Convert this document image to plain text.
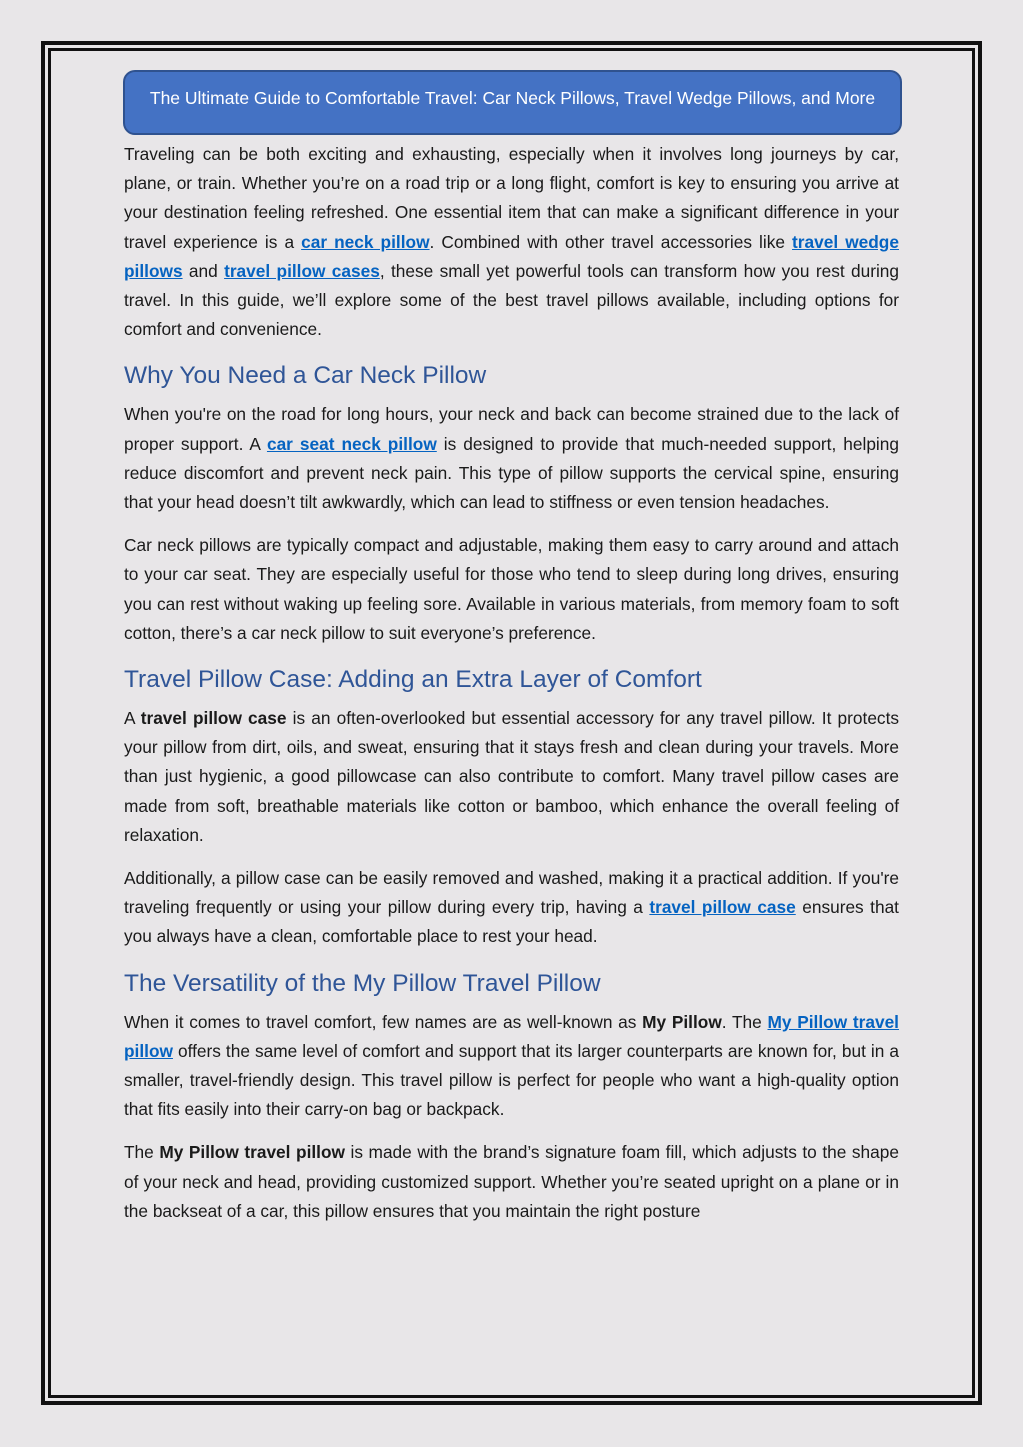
The Ultimate Guide to Comfortable Travel: Car Neck Pillows, Travel Wedge Pillows, and More

Traveling can be both exciting and exhausting, especially when it involves long journeys by car, plane, or train. Whether you’re on a road trip or a long flight, comfort is key to ensuring you arrive at your destination feeling refreshed. One essential item that can make a significant difference in your travel experience is a car neck pillow. Combined with other travel accessories like travel wedge pillows and travel pillow cases, these small yet powerful tools can transform how you rest during travel. In this guide, we’ll explore some of the best travel pillows available, including options for comfort and convenience.

Why You Need a Car Neck Pillow

When you're on the road for long hours, your neck and back can become strained due to the lack of proper support. A car seat neck pillow is designed to provide that much-needed support, helping reduce discomfort and prevent neck pain. This type of pillow supports the cervical spine, ensuring that your head doesn’t tilt awkwardly, which can lead to stiffness or even tension headaches.

Car neck pillows are typically compact and adjustable, making them easy to carry around and attach to your car seat. They are especially useful for those who tend to sleep during long drives, ensuring you can rest without waking up feeling sore. Available in various materials, from memory foam to soft cotton, there’s a car neck pillow to suit everyone’s preference.

Travel Pillow Case: Adding an Extra Layer of Comfort

A travel pillow case is an often-overlooked but essential accessory for any travel pillow. It protects your pillow from dirt, oils, and sweat, ensuring that it stays fresh and clean during your travels. More than just hygienic, a good pillowcase can also contribute to comfort. Many travel pillow cases are made from soft, breathable materials like cotton or bamboo, which enhance the overall feeling of relaxation.

Additionally, a pillow case can be easily removed and washed, making it a practical addition. If you're traveling frequently or using your pillow during every trip, having a travel pillow case ensures that you always have a clean, comfortable place to rest your head.

The Versatility of the My Pillow Travel Pillow

When it comes to travel comfort, few names are as well-known as My Pillow. The My Pillow travel pillow offers the same level of comfort and support that its larger counterparts are known for, but in a smaller, travel-friendly design. This travel pillow is perfect for people who want a high-quality option that fits easily into their carry-on bag or backpack.

The My Pillow travel pillow is made with the brand’s signature foam fill, which adjusts to the shape of your neck and head, providing customized support. Whether you’re seated upright on a plane or in the backseat of a car, this pillow ensures that you maintain the right posture
